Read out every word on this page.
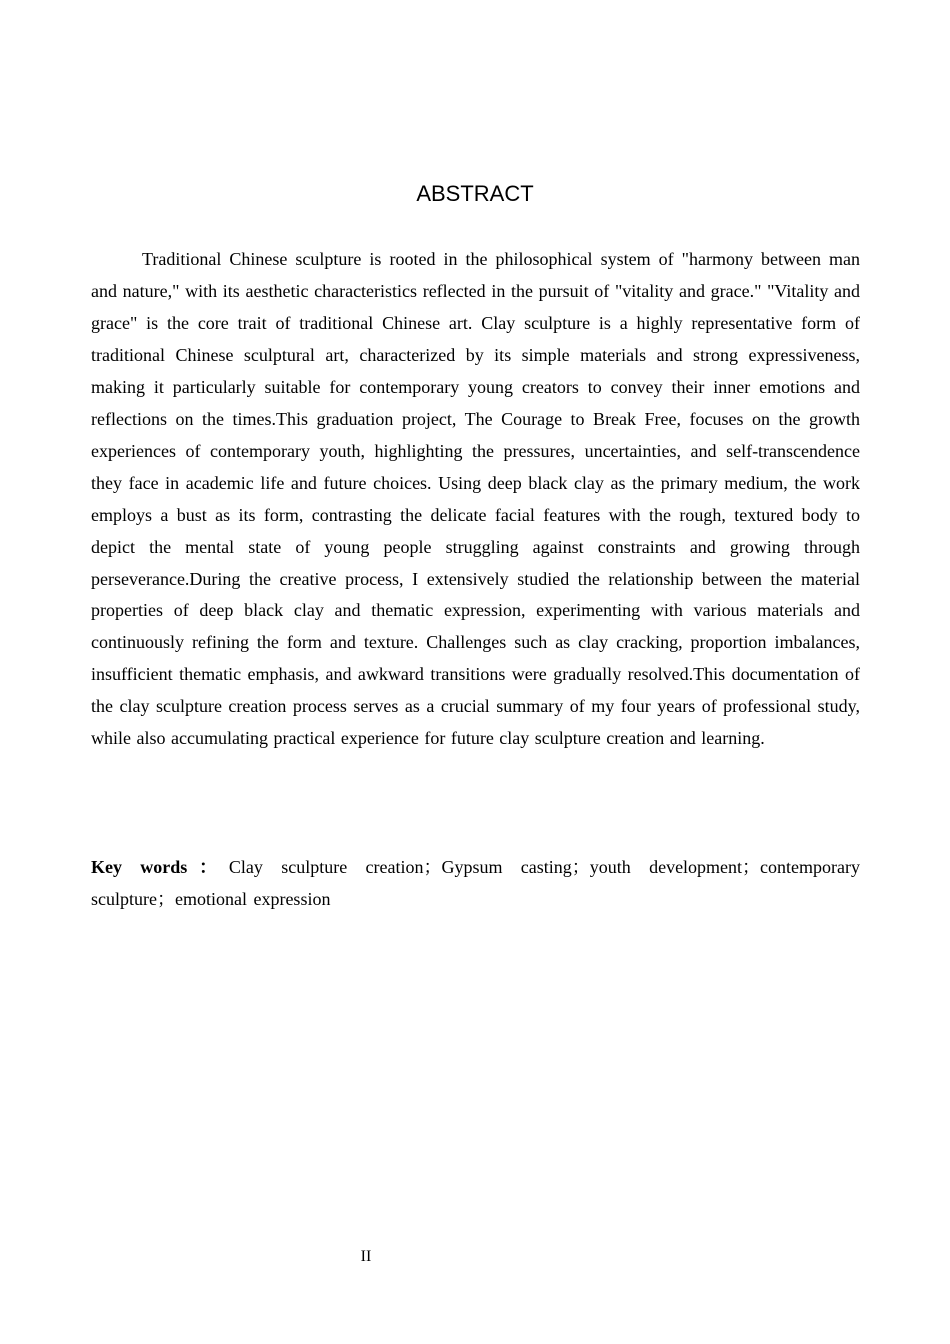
ABSTRACT

Traditional Chinese sculpture is rooted in the philosophical system of "harmony between man and nature," with its aesthetic characteristics reflected in the pursuit of "vitality and grace." "Vitality and grace" is the core trait of traditional Chinese art. Clay sculpture is a highly representative form of traditional Chinese sculptural art, characterized by its simple materials and strong expressiveness, making it particularly suitable for contemporary young creators to convey their inner emotions and reflections on the times.This graduation project, The Courage to Break Free, focuses on the growth experiences of contemporary youth, highlighting the pressures, uncertainties, and self-transcendence they face in academic life and future choices. Using deep black clay as the primary medium, the work employs a bust as its form, contrasting the delicate facial features with the rough, textured body to depict the mental state of young people struggling against constraints and growing through perseverance.During the creative process, I extensively studied the relationship between the material properties of deep black clay and thematic expression, experimenting with various materials and continuously refining the form and texture. Challenges such as clay cracking, proportion imbalances, insufficient thematic emphasis, and awkward transitions were gradually resolved.This documentation of the clay sculpture creation process serves as a crucial summary of my four years of professional study, while also accumulating practical experience for future clay sculpture creation and learning.

Key words：Clay sculpture creation；Gypsum casting；youth development；contemporary sculpture；emotional expression

II
